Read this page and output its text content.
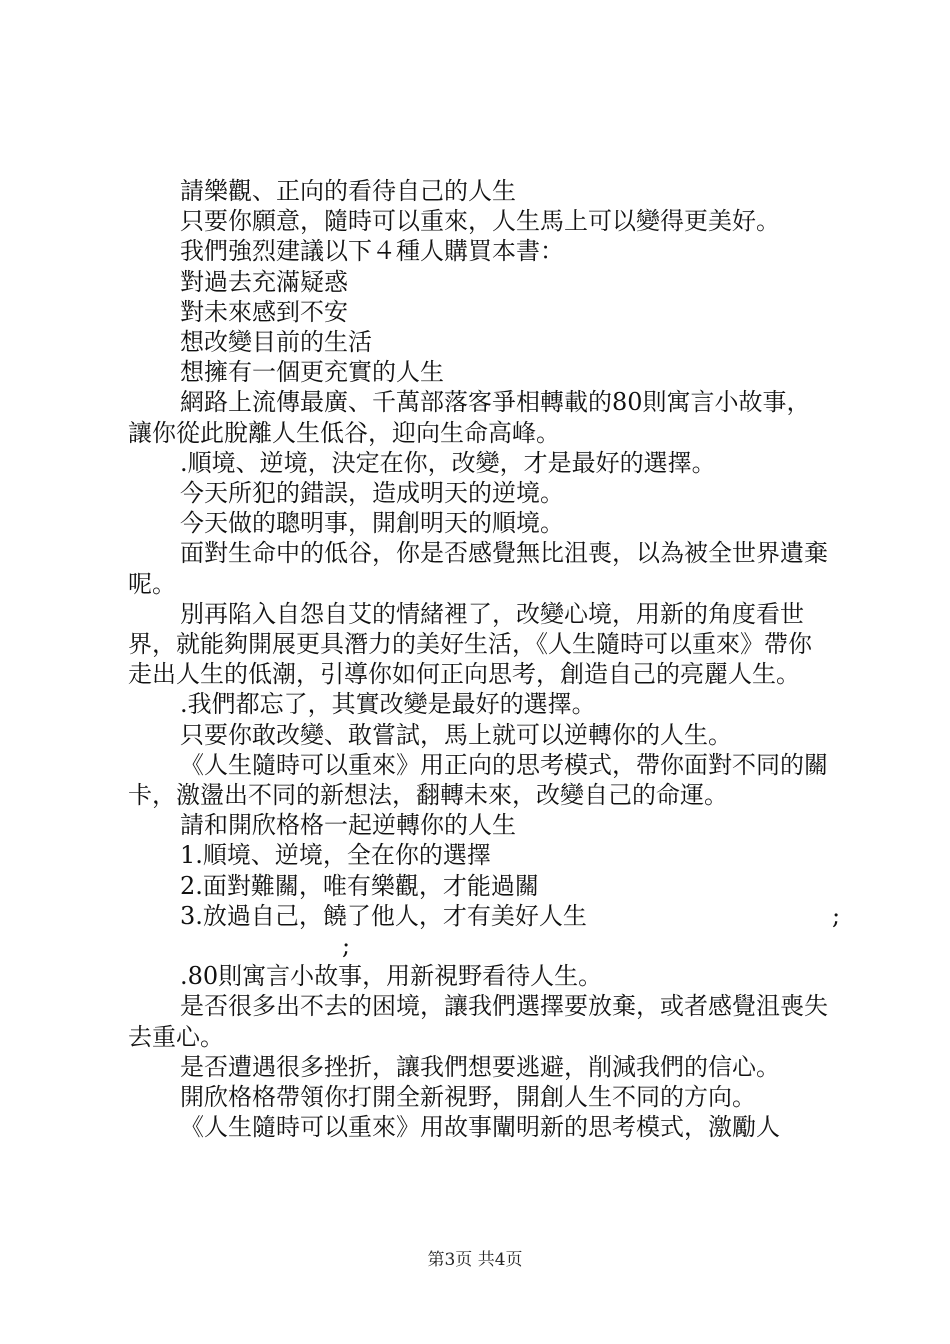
請樂觀、正向的看待自己的人生

只要你願意，隨時可以重來，人生馬上可以變得更美好。

我們強烈建議以下４種人購買本書：

對過去充滿疑惑

對未來感到不安

想改變目前的生活

想擁有一個更充實的人生

網路上流傳最廣、千萬部落客爭相轉載的80則寓言小故事，讓你從此脫離人生低谷，迎向生命高峰。

.順境、逆境，決定在你，改變，才是最好的選擇。

今天所犯的錯誤，造成明天的逆境。

今天做的聰明事，開創明天的順境。

面對生命中的低谷，你是否感覺無比沮喪，以為被全世界遺棄呢。

別再陷入自怨自艾的情緒裡了，改變心境，用新的角度看世界，就能夠開展更具潛力的美好生活，《人生隨時可以重來》帶你走出人生的低潮，引導你如何正向思考，創造自己的亮麗人生。

.我們都忘了，其實改變是最好的選擇。

只要你敢改變、敢嘗試，馬上就可以逆轉你的人生。

《人生隨時可以重來》用正向的思考模式，帶你面對不同的關卡，激盪出不同的新想法，翻轉未來，改變自己的命運。

請和開欣格格一起逆轉你的人生

1.順境、逆境，全在你的選擇

2.面對難關，唯有樂觀，才能過關

3.放過自己，饒了他人，才有美好人生	;
;

.80則寓言小故事，用新視野看待人生。

是否很多出不去的困境，讓我們選擇要放棄，或者感覺沮喪失去重心。

是否遭遇很多挫折，讓我們想要逃避，削減我們的信心。

開欣格格帶領你打開全新視野，開創人生不同的方向。

《人生隨時可以重來》用故事闡明新的思考模式，激勵人

第3页 共4页
